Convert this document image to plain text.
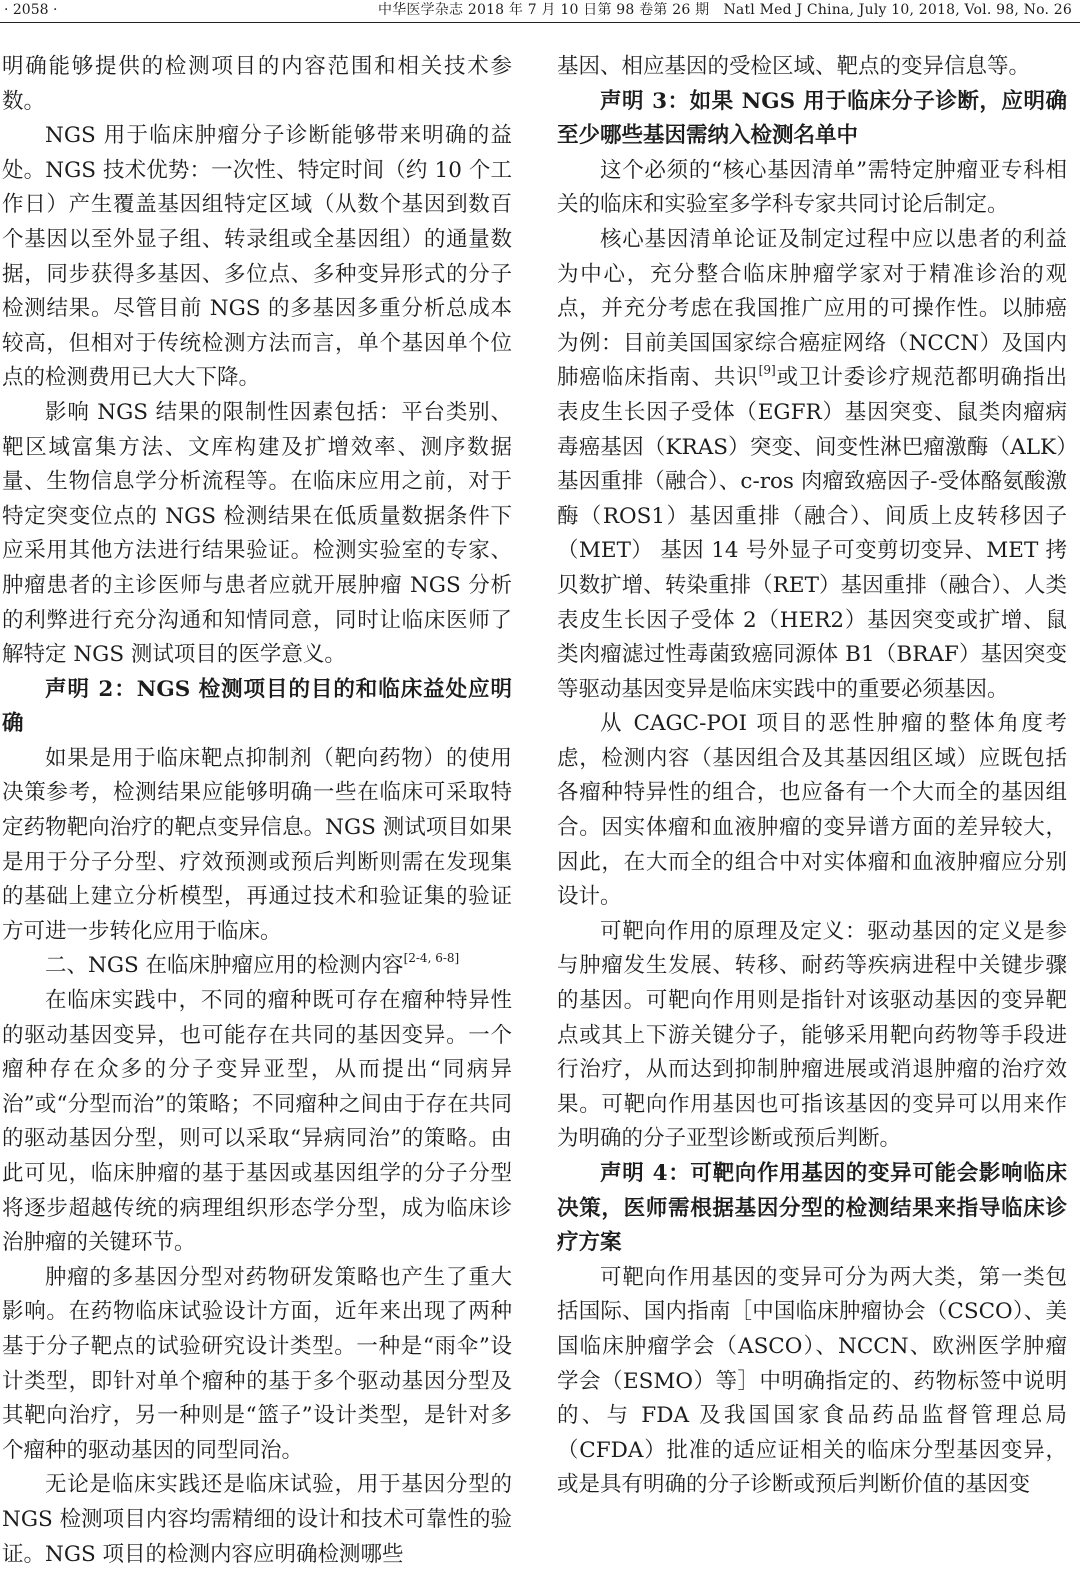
· 2058 ·	中华医学杂志 2018 年 7 月 10 日第 98 卷第 26 期　Natl Med J China, July 10, 2018, Vol. 98, No. 26

明确能够提供的检测项目的内容范围和相关技术参数。

NGS 用于临床肿瘤分子诊断能够带来明确的益处。NGS 技术优势：一次性、特定时间（约 10 个工作日）产生覆盖基因组特定区域（从数个基因到数百个基因以至外显子组、转录组或全基因组）的通量数据，同步获得多基因、多位点、多种变异形式的分子检测结果。尽管目前 NGS 的多基因多重分析总成本较高，但相对于传统检测方法而言，单个基因单个位点的检测费用已大大下降。

影响 NGS 结果的限制性因素包括：平台类别、靶区域富集方法、文库构建及扩增效率、测序数据量、生物信息学分析流程等。在临床应用之前，对于特定突变位点的 NGS 检测结果在低质量数据条件下应采用其他方法进行结果验证。检测实验室的专家、肿瘤患者的主诊医师与患者应就开展肿瘤 NGS 分析的利弊进行充分沟通和知情同意，同时让临床医师了解特定 NGS 测试项目的医学意义。

声明 2：NGS 检测项目的目的和临床益处应明确

如果是用于临床靶点抑制剂（靶向药物）的使用决策参考，检测结果应能够明确一些在临床可采取特定药物靶向治疗的靶点变异信息。NGS 测试项目如果是用于分子分型、疗效预测或预后判断则需在发现集的基础上建立分析模型，再通过技术和验证集的验证方可进一步转化应用于临床。

二、NGS 在临床肿瘤应用的检测内容[2-4, 6-8]

在临床实践中，不同的瘤种既可存在瘤种特异性的驱动基因变异，也可能存在共同的基因变异。一个瘤种存在众多的分子变异亚型，从而提出“同病异治”或“分型而治”的策略；不同瘤种之间由于存在共同的驱动基因分型，则可以采取“异病同治”的策略。由此可见，临床肿瘤的基于基因或基因组学的分子分型将逐步超越传统的病理组织形态学分型，成为临床诊治肿瘤的关键环节。

肿瘤的多基因分型对药物研发策略也产生了重大影响。在药物临床试验设计方面，近年来出现了两种基于分子靶点的试验研究设计类型。一种是“雨伞”设计类型，即针对单个瘤种的基于多个驱动基因分型及其靶向治疗，另一种则是“篮子”设计类型，是针对多个瘤种的驱动基因的同型同治。

无论是临床实践还是临床试验，用于基因分型的 NGS 检测项目内容均需精细的设计和技术可靠性的验证。NGS 项目的检测内容应明确检测哪些

基因、相应基因的受检区域、靶点的变异信息等。

声明 3：如果 NGS 用于临床分子诊断，应明确至少哪些基因需纳入检测名单中

这个必须的“核心基因清单”需特定肿瘤亚专科相关的临床和实验室多学科专家共同讨论后制定。

核心基因清单论证及制定过程中应以患者的利益为中心，充分整合临床肿瘤学家对于精准诊治的观点，并充分考虑在我国推广应用的可操作性。以肺癌为例：目前美国国家综合癌症网络（NCCN）及国内肺癌临床指南、共识[9]或卫计委诊疗规范都明确指出表皮生长因子受体（EGFR）基因突变、鼠类肉瘤病毒癌基因（KRAS）突变、间变性淋巴瘤激酶（ALK）基因重排（融合）、c-ros 肉瘤致癌因子-受体酪氨酸激酶（ROS1）基因重排（融合）、间质上皮转移因子（MET） 基因 14 号外显子可变剪切变异、MET 拷贝数扩增、转染重排（RET）基因重排（融合）、人类表皮生长因子受体 2（HER2）基因突变或扩增、鼠类肉瘤滤过性毒菌致癌同源体 B1（BRAF）基因突变等驱动基因变异是临床实践中的重要必须基因。

从 CAGC-POI 项目的恶性肿瘤的整体角度考虑，检测内容（基因组合及其基因组区域）应既包括各瘤种特异性的组合，也应备有一个大而全的基因组合。因实体瘤和血液肿瘤的变异谱方面的差异较大，因此，在大而全的组合中对实体瘤和血液肿瘤应分别设计。

可靶向作用的原理及定义：驱动基因的定义是参与肿瘤发生发展、转移、耐药等疾病进程中关键步骤的基因。可靶向作用则是指针对该驱动基因的变异靶点或其上下游关键分子，能够采用靶向药物等手段进行治疗，从而达到抑制肿瘤进展或消退肿瘤的治疗效果。可靶向作用基因也可指该基因的变异可以用来作为明确的分子亚型诊断或预后判断。

声明 4：可靶向作用基因的变异可能会影响临床决策，医师需根据基因分型的检测结果来指导临床诊疗方案

可靶向作用基因的变异可分为两大类，第一类包括国际、国内指南［中国临床肿瘤协会（CSCO）、美国临床肿瘤学会（ASCO）、NCCN、欧洲医学肿瘤学会（ESMO）等］中明确指定的、药物标签中说明的、与 FDA 及我国国家食品药品监督管理总局（CFDA）批准的适应证相关的临床分型基因变异，或是具有明确的分子诊断或预后判断价值的基因变
